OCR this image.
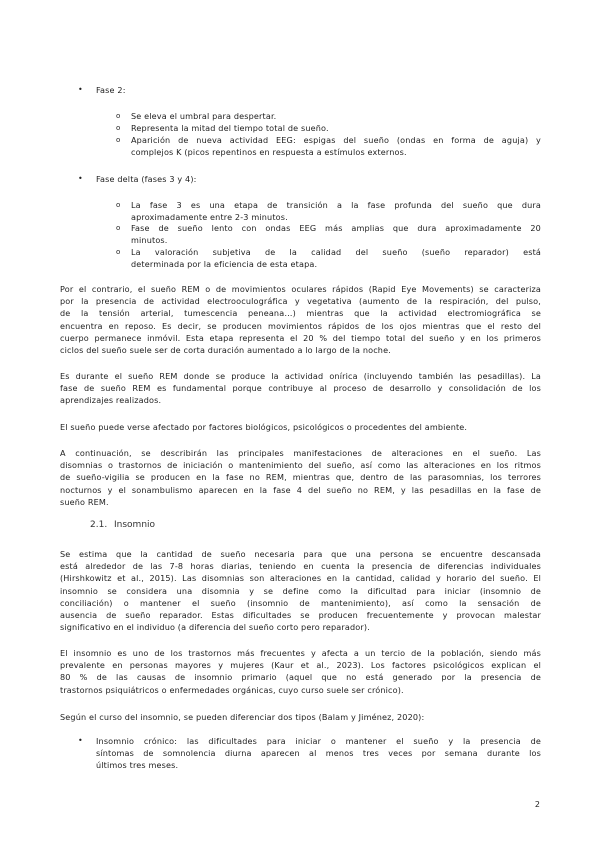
• Fase 2:
o Se eleva el umbral para despertar.
o Representa la mitad del tiempo total de sueño.
o Aparición de nueva actividad EEG: espigas del sueño (ondas en forma de aguja) y
complejos K (picos repentinos en respuesta a estímulos externos.
• Fase delta (fases 3 y 4):
o La fase 3 es una etapa de transición a la fase profunda del sueño que dura
aproximadamente entre 2-3 minutos.
o Fase de sueño lento con ondas EEG más amplias que dura aproximadamente 20
minutos.
o La valoración subjetiva de la calidad del sueño (sueño reparador) está
determinada por la eficiencia de esta etapa.
Por el contrario, el sueño REM o de movimientos oculares rápidos (Rapid Eye Movements) se caracteriza
por la presencia de actividad electrooculográfica y vegetativa (aumento de la respiración, del pulso,
de la tensión arterial, tumescencia peneana…) mientras que la actividad electromiográfica se
encuentra en reposo. Es decir, se producen movimientos rápidos de los ojos mientras que el resto del
cuerpo permanece inmóvil. Esta etapa representa el 20 % del tiempo total del sueño y en los primeros
ciclos del sueño suele ser de corta duración aumentado a lo largo de la noche.
Es durante el sueño REM donde se produce la actividad onírica (incluyendo también las pesadillas). La
fase de sueño REM es fundamental porque contribuye al proceso de desarrollo y consolidación de los
aprendizajes realizados.
El sueño puede verse afectado por factores biológicos, psicológicos o procedentes del ambiente.
A continuación, se describirán las principales manifestaciones de alteraciones en el sueño. Las
disomnias o trastornos de iniciación o mantenimiento del sueño, así como las alteraciones en los ritmos
de sueño-vigilia se producen en la fase no REM, mientras que, dentro de las parasomnias, los terrores
nocturnos y el sonambulismo aparecen en la fase 4 del sueño no REM, y las pesadillas en la fase de
sueño REM.
2.1. Insomnio
Se estima que la cantidad de sueño necesaria para que una persona se encuentre descansada
está alrededor de las 7-8 horas diarias, teniendo en cuenta la presencia de diferencias individuales
(Hirshkowitz et al., 2015). Las disomnias son alteraciones en la cantidad, calidad y horario del sueño. El
insomnio se considera una disomnia y se define como la dificultad para iniciar (insomnio de
conciliación) o mantener el sueño (insomnio de mantenimiento), así como la sensación de
ausencia de sueño reparador. Estas dificultades se producen frecuentemente y provocan malestar
significativo en el individuo (a diferencia del sueño corto pero reparador).
El insomnio es uno de los trastornos más frecuentes y afecta a un tercio de la población, siendo más
prevalente en personas mayores y mujeres (Kaur et al., 2023). Los factores psicológicos explican el
80 % de las causas de insomnio primario (aquel que no está generado por la presencia de
trastornos psiquiátricos o enfermedades orgánicas, cuyo curso suele ser crónico).
Según el curso del insomnio, se pueden diferenciar dos tipos (Balam y Jiménez, 2020):
• Insomnio crónico: las dificultades para iniciar o mantener el sueño y la presencia de
síntomas de somnolencia diurna aparecen al menos tres veces por semana durante los
últimos tres meses.
2
